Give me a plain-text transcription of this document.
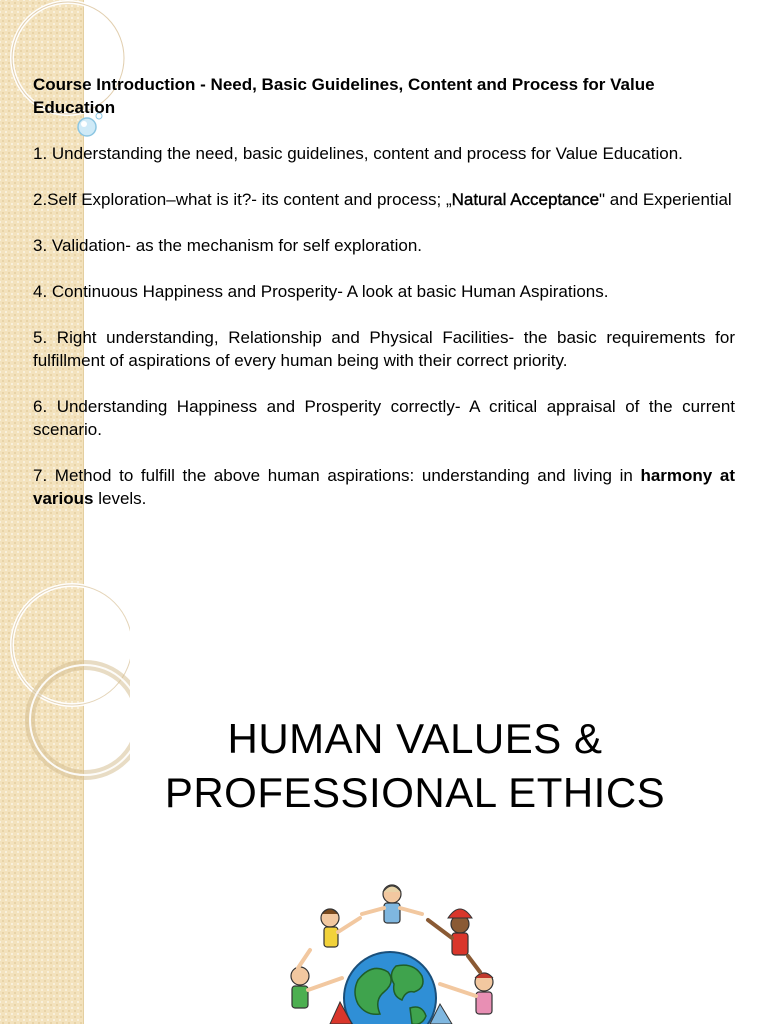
Course Introduction - Need, Basic Guidelines, Content and Process for Value Education
1. Understanding the need, basic guidelines, content and process for Value Education.
2.Self Exploration–what is it?- its content and process; „Natural Acceptance" and Experiential
3. Validation- as the mechanism for self exploration.
4. Continuous Happiness and Prosperity- A look at basic Human Aspirations.
5. Right understanding, Relationship and Physical Facilities- the basic requirements for fulfillment of aspirations of every human being with their correct priority.
6. Understanding Happiness and Prosperity correctly- A critical appraisal of the current scenario.
7. Method to fulfill the above human aspirations: understanding and living in harmony at various levels.
HUMAN VALUES &
PROFESSIONAL ETHICS
